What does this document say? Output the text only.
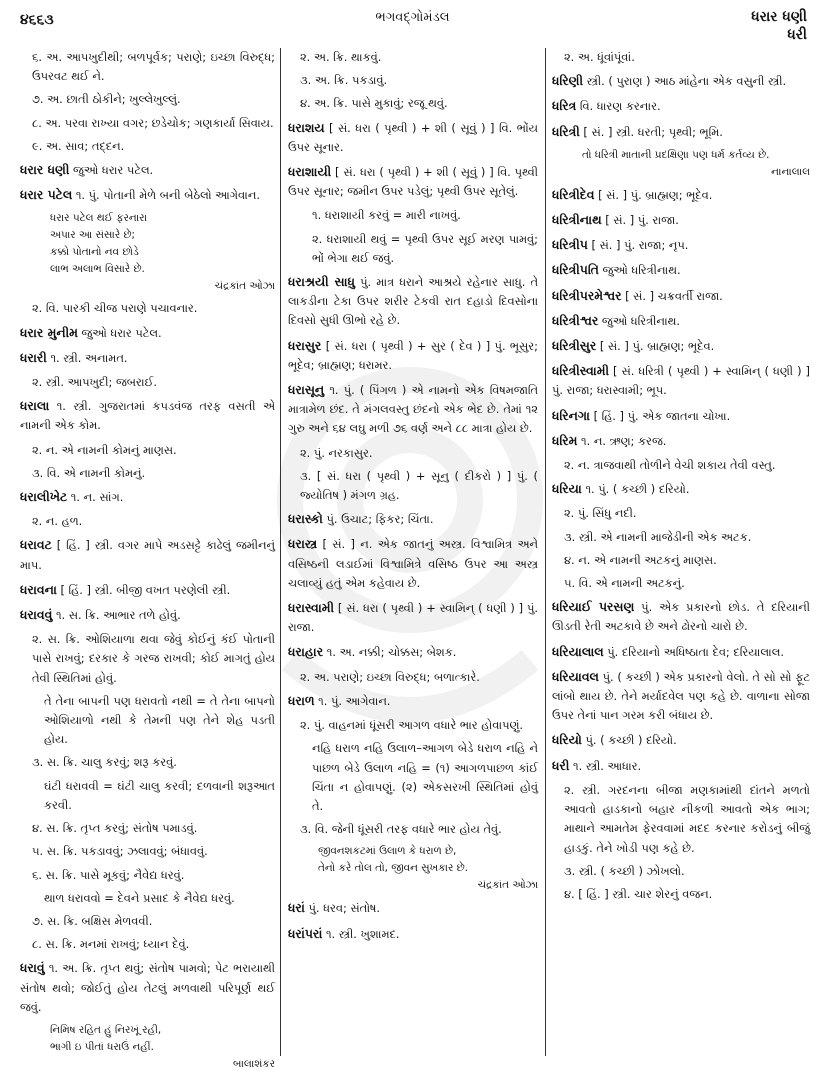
૪૬૬૩	ભગવદ્ગોમંડલ	ધરાર ધણી
ધરી
૬. અ. આપખુદીથી; બળપૂર્વક; પરાણે; ઇચ્છા વિરુદ્ધ; ઉપરવટ થઈ ને.
૭. અ. છાતી ઠોકીને; ખુલ્લેખુલ્લું.
૮. અ. પરવા રાખ્યા વગર; છડેચોક; ગણકાર્યા સિવાય.
૯. અ. સાવ; તદ્દન.
ધરાર ધણી જુઓ ધરાર પટેલ.
ધરાર પટેલ ૧. પું. પોતાની મેળે બની બેઠેલો આગેવાન.
ધરાર પટેલ થઈ ફરનારા
અપાર આ સંસારે છે;
કક્કો પોતાનો નવ છોડે
લાભ અલાભ વિસારે છે.
ચંદ્રકાંત ઓઝા
૨. વિ. પારકી ચીજ પરાણે પચાવનાર.
ધરાર મુનીમ જુઓ ધરાર પટેલ.
ધરારી ૧. સ્ત્રી. અનામત.
૨. સ્ત્રી. આપખુદી; જબરાઈ.
ધરાલા ૧. સ્ત્રી. ગુજરાતમાં કપડવંજ તરફ વસતી એ નામની એક કોમ.
૨. ન. એ નામની કોમનું માણસ.
૩. વિ. એ નામની કોમનું.
ધરાલીખેટ ૧. ન. સાંગ.
૨. ન. હળ.
ધરાવટ [ હિં. ] સ્ત્રી. વગર માપે અડસટ્ટે કાઢેલું જમીનનું માપ.
ધરાવના [ હિં. ] સ્ત્રી. બીજી વખત પરણેલી સ્ત્રી.
ધરાવવું ૧. સ. ક્રિ. આભાર તળે હોવું.
૨. સ. ક્રિ. ઓશિયાળા થવા જેવું કોઈનું કંઈ પોતાની પાસે રાખવું; દરકાર કે ગરજ રાખવી; કોઈ માગતું હોય તેવી સ્થિતિમાં હોવું.
તે તેના બાપની પણ ધરાવતો નથી = તે તેના બાપનો ઓશિયાળો નથી કે તેમની પણ તેને શેહ પડતી હોય.
૩. સ. ક્રિ. ચાલુ કરવું; શરૂ કરવું.
ઘંટી ધરાવવી = ઘંટી ચાલુ કરવી; દળવાની શરૂઆત કરવી.
૪. સ. ક્રિ. તૃપ્ત કરવું; સંતોષ પમાડવું.
૫. સ. ક્રિ. પકડાવવું; ઝલાવવું; બંધાવવું.
૬. સ. ક્રિ. પાસે મૂકવું; નૈવેદ્ય ધરવું.
થાળ ધરાવવો = દેવને પ્રસાદ કે નૈવેદ્ય ધરવું.
૭. સ. ક્રિ. બક્ષિસ મેળવવી.
૮. સ. ક્રિ. મનમાં રાખવું; ધ્યાન દેવું.
ધરાવું ૧. અ. ક્રિ. તૃપ્ત થવું; સંતોષ પામવો; પેટ ભરાયાથી સંતોષ થવો; જોઈતું હોય તેટલું મળવાથી પરિપૂર્ણ થઈ જવું.
નિમિષ રહિત હું નિરખૂં રહી,
ભાગી ઇ પીતાં ધરાઉં નહીં.
બાલાશંકર
૨. અ. ક્રિ. થાકવું.
૩. અ. ક્રિ. પકડાવું.
૪. અ. ક્રિ. પાસે મુકાવું; રજૂ થવું.
ધરાશય [ સં. ધરા ( પૃથ્વી ) + શી ( સૂવું ) ] વિ. ભોંય ઉપર સૂનાર.
ધરાશાયી [ સં. ધરા ( પૃથ્વી ) + શી ( સૂવું ) ] વિ. પૃથ્વી ઉપર સૂનાર; જમીન ઉપર પડેલું; પૃથ્વી ઉપર સૂતેલું.
૧. ધરાશાયી કરવું = મારી નાખવું.
૨. ધરાશાયી થવું = પૃથ્વી ઉપર સૂઈ મરણ પામવું; ભોં ભેગા થઈ જવું.
ધરાશ્રયી સાધુ પું. માત્ર ધરાને આશ્રયે રહેનાર સાધુ. તે લાકડીના ટેકા ઉપર શરીર ટેકવી રાત દહાડો દિવસોના દિવસો સુધી ઊભો રહે છે.
ધરાસુર [ સં. ધરા ( પૃથ્વી ) + સુર ( દેવ ) ] પું. ભૂસુર; ભૂદેવ; બ્રાહ્મણ; ધરામર.
ધરાસૂનુ ૧. પું. ( પિંગળ ) એ નામનો એક વિષમજાતિ માત્રામેળ છંદ. તે મંગલવસ્તુ છંદનો એક ભેદ છે. તેમાં ૧૨ ગુરુ અને ૬૪ લઘુ મળી ૭૬ વર્ણ અને ૮૮ માત્રા હોય છે.
૨. પું. નરકાસુર.
૩. [ સં. ધરા ( પૃથ્વી ) + સૂનુ ( દીકરો ) ] પું. ( જ્યોતિષ ) મંગળ ગ્રહ.
ધરાસ્કો પું. ઉચાટ; ફિકર; ચિંતા.
ધરાસ્ત્ર [ સં. ] ન. એક જાતનું અસ્ત્ર. વિશ્વામિત્ર અને વસિષ્ઠની લડાઈમાં વિશ્વામિત્રે વસિષ્ઠ ઉપર આ અસ્ત્ર ચલાવ્યું હતું એમ કહેવાય છે.
ધરાસ્વામી [ સં. ધરા ( પૃથ્વી ) + સ્વામિન્ ( ધણી ) ] પું. રાજા.
ધરાહાર ૧. અ. નક્કી; ચોક્કસ; બેશક.
૨. અ. પરાણે; ઇચ્છા વિરુદ્ધ; બળાત્કારે.
ધરાળ ૧. પું. આગેવાન.
૨. પું. વાહનમાં ધૂંસરી આગળ વધારે ભાર હોવાપણું.
નહિ ધરાળ નહિ ઉલાળ–આગળ બેડે ધરાળ નહિ ને પાછળ બેડે ઉલાળ નહિ = (૧) આગળપાછળ કાંઈ ચિંતા ન હોવાપણું. (૨) એકસરખી સ્થિતિમાં હોવું તે.
૩. વિ. જેની ધૂંસરી તરફ વધારે ભાર હોય તેવું.
જીવનશકટમાં ઉલાળ કે ધરાળ છે,
તેનો કરે તોલ તો, જીવન સુખકાર છે.
ચંદ્રકાંત ઓઝા
ધરાં પું. ધરવ; સંતોષ.
ધરાંપરાં ૧. સ્ત્રી. ખુશામદ.
૨. અ. ધૂંવાંપૂંવાં.
ધરિણી સ્ત્રી. ( પુરાણ ) આઠ માંહેના એક વસુની સ્ત્રી.
ધરિત્ર વિ. ધારણ કરનાર.
ધરિત્રી [ સં. ] સ્ત્રી. ધરતી; પૃથ્વી; ભૂમિ.
તો ધરિત્રી માતાની પ્રદક્ષિણા પણ ધર્મ કર્તવ્ય છે.
નાનાલાલ
ધરિત્રીદેવ [ સં. ] પું. બ્રાહ્મણ; ભૂદેવ.
ધરિત્રીનાથ [ સં. ] પું. રાજા.
ધરિત્રીપ [ સં. ] પું. રાજા; નૃપ.
ધરિત્રીપતિ જુઓ ધરિત્રીનાથ.
ધરિત્રીપરમેશ્વર [ સં. ] ચક્રવર્તી રાજા.
ધરિત્રીશ્વર જુઓ ધરિત્રીનાથ.
ધરિત્રીસુર [ સં. ] પું. બ્રાહ્મણ; ભૂદેવ.
ધરિત્રીસ્વામી [ સં. ધરિત્રી ( પૃથ્વી ) + સ્વામિન્ ( ધણી ) ] પું. રાજા; ધરાસ્વામી; ભૂપ.
ધરિનગા [ હિં. ] પું. એક જાતના ચોખા.
ધરિમ ૧. ન. ઋણ; કરજ.
૨. ન. ત્રાજવાથી તોળીને વેચી શકાય તેવી વસ્તુ.
ધરિયા ૧. પું. ( કચ્છી ) દરિયો.
૨. પું. સિંધુ નદી.
૩. સ્ત્રી. એ નામની માજેડીની એક અટક.
૪. ન. એ નામની અટકનું માણસ.
૫. વિ. એ નામની અટકનું.
ધરિયાઈ પરસણ પું. એક પ્રકારનો છોડ. તે દરિયાની ઊડતી રેતી અટકાવે છે અને ઢોરનો ચારો છે.
ધરિયાલાલ પું. દરિયાનો અધિષ્ઠાતા દેવ; દરિયાલાલ.
ધરિયાવલ પું. ( કચ્છી ) એક પ્રકારનો વેલો. તે સો સો ફૂટ લાંબો થાય છે. તેને મર્યાદવેલ પણ કહે છે. વાળાના સોજા ઉપર તેનાં પાન ગરમ કરી બંધાય છે.
ધરિયો પું. ( કચ્છી ) દરિયો.
ધરી ૧. સ્ત્રી. આધાર.
૨. સ્ત્રી. ગરદનના બીજા મણકામાંથી દાંતને મળતો આવતો હાડકાનો બહાર નીકળી આવતો એક ભાગ; માથાને આમતેમ ફેરવવામાં મદદ કરનાર કરોડનું બીજું હાડકું. તેને ખોડી પણ કહે છે.
૩. સ્ત્રી. ( કચ્છી ) ઝોખલો.
૪. [ હિં. ] સ્ત્રી. ચાર શેરનું વજન.
